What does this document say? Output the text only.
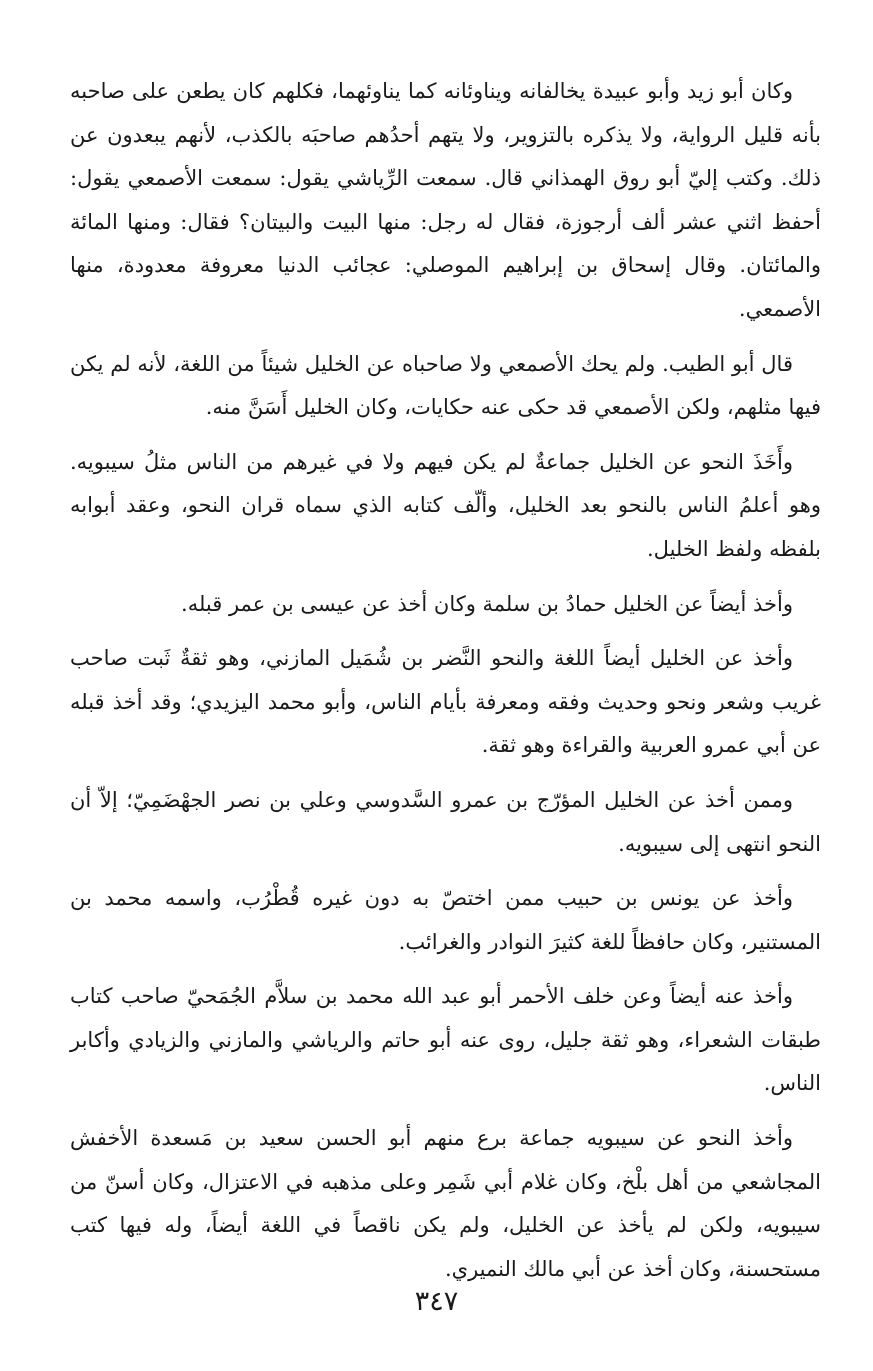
وكان أبو زيد وأبو عبيدة يخالفانه ويناوئانه كما يناوئهما، فكلهم كان يطعن على صاحبه بأنه قليل الرواية، ولا يذكره بالتزوير، ولا يتهم أحدُهم صاحبَه بالكذب، لأنهم يبعدون عن ذلك. وكتب إليّ أبو روق الهمذاني قال. سمعت الرِّياشي يقول: سمعت الأصمعي يقول: أحفظ اثني عشر ألف أرجوزة، فقال له رجل: منها البيت والبيتان؟ فقال: ومنها المائة والمائتان. وقال إسحاق بن إبراهيم الموصلي: عجائب الدنيا معروفة معدودة، منها الأصمعي.

قال أبو الطيب. ولم يحك الأصمعي ولا صاحباه عن الخليل شيئاً من اللغة، لأنه لم يكن فيها مثلهم، ولكن الأصمعي قد حكى عنه حكايات، وكان الخليل أَسَنَّ منه.

وأَخَذَ النحو عن الخليل جماعةٌ لم يكن فيهم ولا في غيرهم من الناس مثلُ سيبويه. وهو أعلمُ الناس بالنحو بعد الخليل، وألّف كتابه الذي سماه قران النحو، وعقد أبوابه بلفظه ولفظ الخليل.

وأخذ أيضاً عن الخليل حمادُ بن سلمة وكان أخذ عن عيسى بن عمر قبله.

وأخذ عن الخليل أيضاً اللغة والنحو النَّضر بن شُمَيل المازني، وهو ثقةٌ ثَبت صاحب غريب وشعر ونحو وحديث وفقه ومعرفة بأيام الناس، وأبو محمد اليزيدي؛ وقد أخذ قبله عن أبي عمرو العربية والقراءة وهو ثقة.

وممن أخذ عن الخليل المؤرّج بن عمرو السَّدوسي وعلي بن نصر الجهْضَمِيّ؛ إلاّ أن النحو انتهى إلى سيبويه.

وأخذ عن يونس بن حبيب ممن اختصّ به دون غيره قُطْرُب، واسمه محمد بن المستنير، وكان حافظاً للغة كثيرَ النوادر والغرائب.

وأخذ عنه أيضاً وعن خلف الأحمر أبو عبد الله محمد بن سلاَّم الجُمَحيّ صاحب كتاب طبقات الشعراء، وهو ثقة جليل، روى عنه أبو حاتم والرياشي والمازني والزيادي وأكابر الناس.

وأخذ النحو عن سيبويه جماعة برع منهم أبو الحسن سعيد بن مَسعدة الأخفش المجاشعي من أهل بلْخ، وكان غلام أبي شَمِر وعلى مذهبه في الاعتزال، وكان أسنّ من سيبويه، ولكن لم يأخذ عن الخليل، ولم يكن ناقصاً في اللغة أيضاً، وله فيها كتب مستحسنة، وكان أخذ عن أبي مالك النميري.

٣٤٧
